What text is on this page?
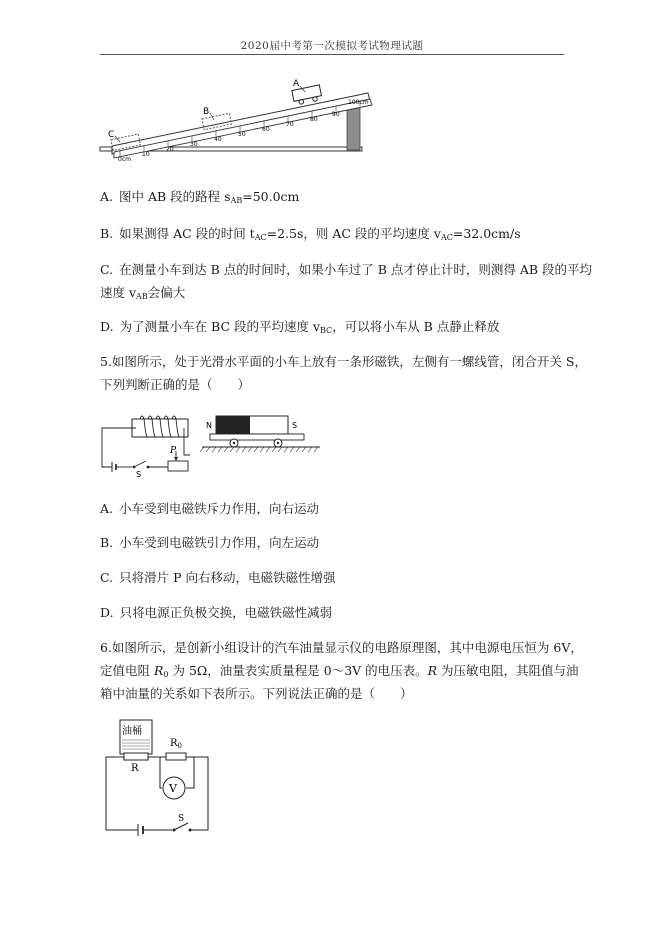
2020届中考第一次模拟考试物理试题
0cm
10
20
30
40
50
60
70
80
90
100cm
A
B
C
A. 图中 AB 段的路程 $s_{AB}=50.0cm$
B. 如果测得 AC 段的时间 $t_{AC}=2.5s$，则 AC 段的平均速度 $v_{AC}=32.0cm/s$
C. 在测量小车到达 B 点的时间时，如果小车过了 B 点才停止计时，则测得 AB 段的平均
速度 $v_{AB}$会偏大
D. 为了测量小车在 BC 段的平均速度 $v_{BC}$，可以将小车从 B 点静止释放
5.如图所示，处于光滑水平面的小车上放有一条形磁铁，左侧有一螺线管，闭合开关 S，
下列判断正确的是（　　）
P
S
N	S
A. 小车受到电磁铁斥力作用，向右运动
B. 小车受到电磁铁引力作用，向左运动
C. 只将滑片 P 向右移动，电磁铁磁性增强
D. 只将电源正负极交换，电磁铁磁性减弱
6.如图所示，是创新小组设计的汽车油量显示仪的电路原理图，其中电源电压恒为 6V，
定值电阻 $R_0$ 为 5Ω，油量表实质量程是 0～3V 的电压表。R 为压敏电阻，其阻值与油
箱中油量的关系如下表所示。下列说法正确的是（　　）
油桶
R
$R_0$
S
V
